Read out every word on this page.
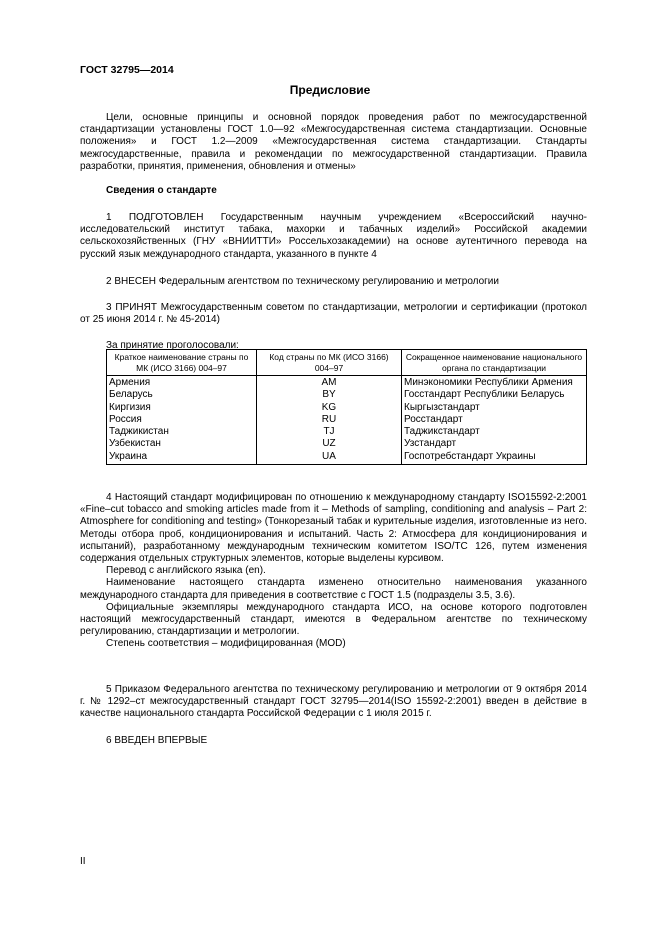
ГОСТ 32795—2014
Предисловие

Цели, основные принципы и основной порядок проведения работ по межгосударственной стандартизации установлены ГОСТ 1.0—92 «Межгосударственная система стандартизации. Основные положения» и ГОСТ 1.2—2009 «Межгосударственная система стандартизации. Стандарты межгосударственные, правила и рекомендации по межгосударственной стандартизации. Правила разработки, принятия, применения, обновления и отмены»

Сведения о стандарте

1 ПОДГОТОВЛЕН Государственным научным учреждением «Всероссийский научно-исследовательский институт табака, махорки и табачных изделий» Российской академии сельскохозяйственных (ГНУ «ВНИИТТИ» Россельхозакадемии) на основе аутентичного перевода на русский язык международного стандарта, указанного в пункте 4

2 ВНЕСЕН Федеральным агентством по техническому регулированию и метрологии

3 ПРИНЯТ Межгосударственным советом по стандартизации, метрологии и сертификации (протокол от 25 июня 2014 г. № 45-2014)

За принятие проголосовали:
Краткое наименование страны по МК (ИСО 3166) 004–97	Код страны по МК (ИСО 3166) 004–97	Сокращенное наименование национального органа по стандартизации
Армения	AM	Минэкономики Республики Армения
Беларусь	BY	Госстандарт Республики Беларусь
Киргизия	KG	Кыргызстандарт
Россия	RU	Росстандарт
Таджикистан	TJ	Таджикстандарт
Узбекистан	UZ	Узстандарт
Украина	UA	Госпотребстандарт Украины

4 Настоящий стандарт модифицирован по отношению к международному стандарту ISO15592-2:2001 «Fine–cut tobacco and smoking articles made from it – Methods of sampling, conditioning and analysis – Part 2: Atmosphere for conditioning and testing» (Тонкорезаный табак и курительные изделия, изготовленные из него. Методы отбора проб, кондиционирования и испытаний. Часть 2: Атмосфера для кондиционирования и испытаний), разработанному международным техническим комитетом ISO/TC 126, путем изменения содержания отдельных структурных элементов, которые выделены курсивом.

Перевод с английского языка (en).

Наименование настоящего стандарта изменено относительно наименования указанного международного стандарта для приведения в соответствие с ГОСТ 1.5 (подразделы 3.5, 3.6).

Официальные экземпляры международного стандарта ИСО, на основе которого подготовлен настоящий межгосударственный стандарт, имеются в Федеральном агентстве по техническому регулированию, стандартизации и метрологии.

Степень соответствия – модифицированная (MOD)

5 Приказом Федерального агентства по техническому регулированию и метрологии от 9 октября 2014 г. № 1292–ст межгосударственный стандарт ГОСТ 32795—2014(ISO 15592-2:2001) введен в действие в качестве национального стандарта Российской Федерации с 1 июля 2015 г.

6 ВВЕДЕН ВПЕРВЫЕ

II
